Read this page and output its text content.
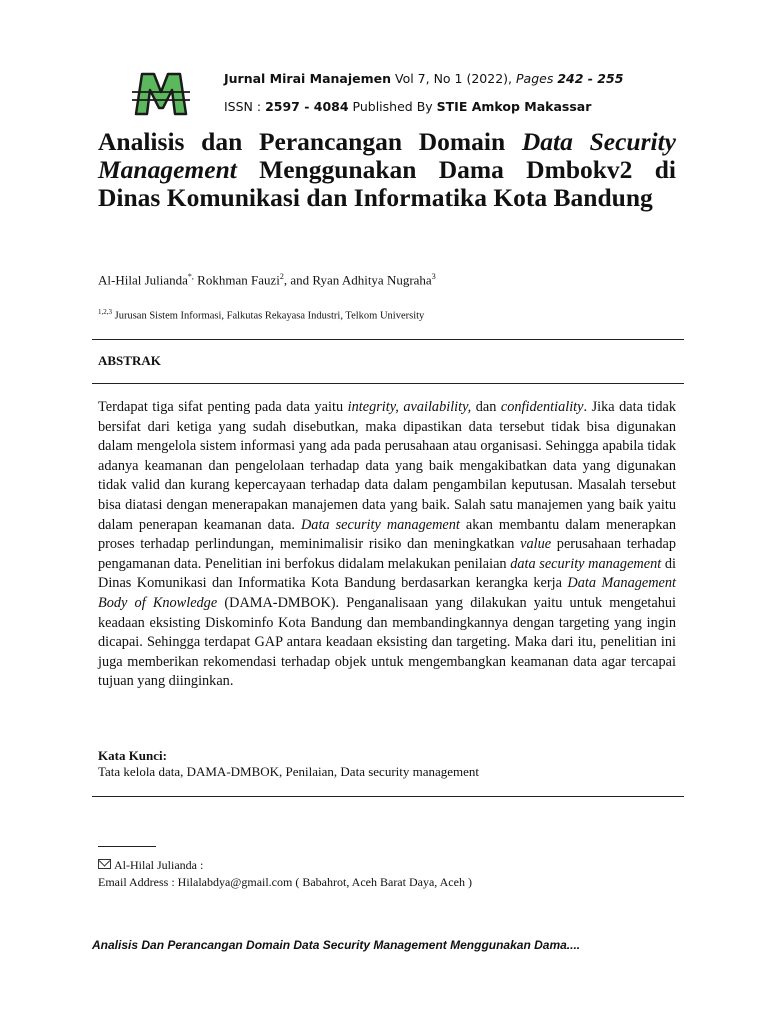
Jurnal Mirai Manajemen Vol 7, No 1 (2022), Pages 242 - 255
ISSN : 2597 - 4084 Published By STIE Amkop Makassar
Analisis dan Perancangan Domain Data Security Management Menggunakan Dama Dmbokv2 di Dinas Komunikasi dan Informatika Kota Bandung
Al-Hilal Julianda*, Rokhman Fauzi$^2$, and Ryan Adhitya Nugraha$^3$
$^{1,2,3}$ Jurusan Sistem Informasi, Falkutas Rekayasa Industri, Telkom University
ABSTRAK

Terdapat tiga sifat penting pada data yaitu integrity, availability, dan confidentiality. Jika data tidak bersifat dari ketiga yang sudah disebutkan, maka dipastikan data tersebut tidak bisa digunakan dalam mengelola sistem informasi yang ada pada perusahaan atau organisasi. Sehingga apabila tidak adanya keamanan dan pengelolaan terhadap data yang baik mengakibatkan data yang digunakan tidak valid dan kurang kepercayaan terhadap data dalam pengambilan keputusan. Masalah tersebut bisa diatasi dengan menerapakan manajemen data yang baik. Salah satu manajemen yang baik yaitu dalam penerapan keamanan data. Data security management akan membantu dalam menerapkan proses terhadap perlindungan, meminimalisir risiko dan meningkatkan value perusahaan terhadap pengamanan data. Penelitian ini berfokus didalam melakukan penilaian data security management di Dinas Komunikasi dan Informatika Kota Bandung berdasarkan kerangka kerja Data Management Body of Knowledge (DAMA-DMBOK). Penganalisaan yang dilakukan yaitu untuk mengetahui keadaan eksisting Diskominfo Kota Bandung dan membandingkannya dengan targeting yang ingin dicapai. Sehingga terdapat GAP antara keadaan eksisting dan targeting. Maka dari itu, penelitian ini juga memberikan rekomendasi terhadap objek untuk mengembangkan keamanan data agar tercapai tujuan yang diinginkan.

Kata Kunci:
Tata kelola data, DAMA-DMBOK, Penilaian, Data security management
Al-Hilal Julianda :
Email Address : Hilalabdya@gmail.com ( Babahrot, Aceh Barat Daya, Aceh )
Analisis Dan Perancangan Domain Data Security Management Menggunakan Dama....
